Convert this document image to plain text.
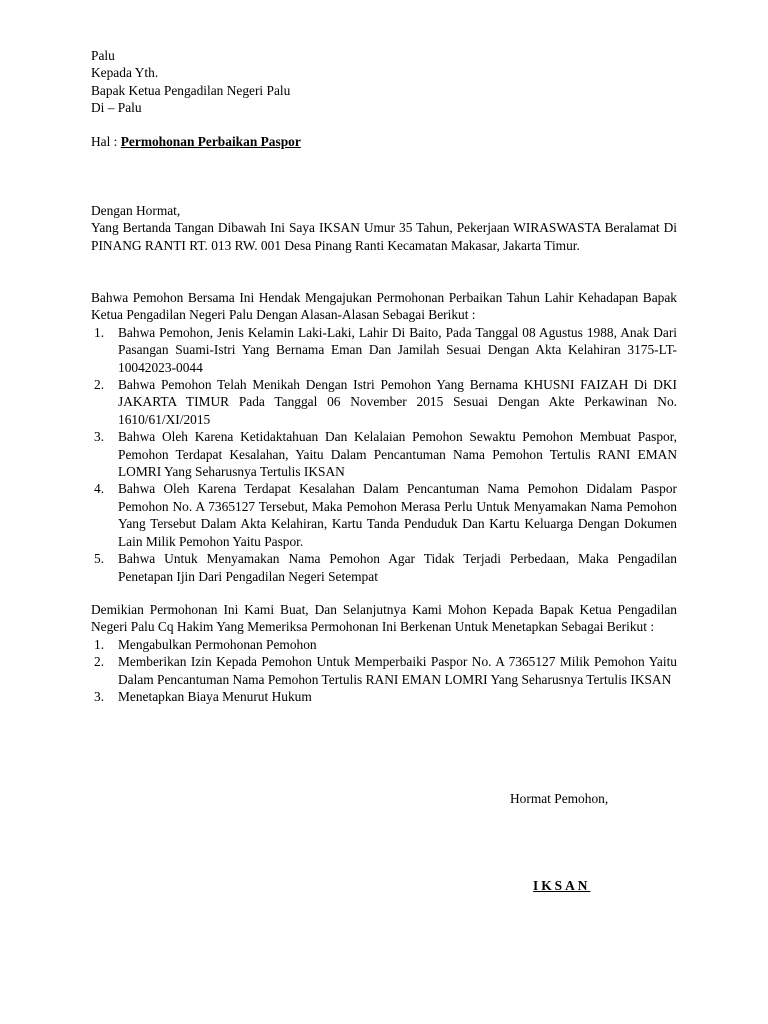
Palu
Kepada Yth.
Bapak Ketua Pengadilan Negeri Palu
Di – Palu
Hal : Permohonan Perbaikan Paspor
Dengan Hormat,
Yang Bertanda Tangan Dibawah Ini Saya IKSAN Umur 35 Tahun, Pekerjaan WIRASWASTA Beralamat Di PINANG RANTI RT. 013 RW. 001 Desa Pinang Ranti Kecamatan Makasar, Jakarta Timur.
Bahwa Pemohon Bersama Ini Hendak Mengajukan Permohonan Perbaikan Tahun Lahir Kehadapan Bapak Ketua Pengadilan Negeri Palu Dengan Alasan-Alasan Sebagai Berikut :
1. Bahwa Pemohon, Jenis Kelamin Laki-Laki, Lahir Di Baito, Pada Tanggal 08 Agustus 1988, Anak Dari Pasangan Suami-Istri Yang Bernama Eman Dan Jamilah Sesuai Dengan Akta Kelahiran 3175-LT-10042023-0044
2. Bahwa Pemohon Telah Menikah Dengan Istri Pemohon Yang Bernama KHUSNI FAIZAH Di DKI JAKARTA TIMUR Pada Tanggal 06 November 2015 Sesuai Dengan Akte Perkawinan No. 1610/61/XI/2015
3. Bahwa Oleh Karena Ketidaktahuan Dan Kelalaian Pemohon Sewaktu Pemohon Membuat Paspor, Pemohon Terdapat Kesalahan, Yaitu Dalam Pencantuman Nama Pemohon Tertulis RANI EMAN LOMRI Yang Seharusnya Tertulis IKSAN
4. Bahwa Oleh Karena Terdapat Kesalahan Dalam Pencantuman Nama Pemohon Didalam Paspor Pemohon No. A 7365127 Tersebut, Maka Pemohon Merasa Perlu Untuk Menyamakan Nama Pemohon Yang Tersebut Dalam Akta Kelahiran, Kartu Tanda Penduduk Dan Kartu Keluarga Dengan Dokumen Lain Milik Pemohon Yaitu Paspor.
5. Bahwa Untuk Menyamakan Nama Pemohon Agar Tidak Terjadi Perbedaan, Maka Pengadilan Penetapan Ijin Dari Pengadilan Negeri Setempat
Demikian Permohonan Ini Kami Buat, Dan Selanjutnya Kami Mohon Kepada Bapak Ketua Pengadilan Negeri Palu Cq Hakim Yang Memeriksa Permohonan Ini Berkenan Untuk Menetapkan Sebagai Berikut :
1. Mengabulkan Permohonan Pemohon
2. Memberikan Izin Kepada Pemohon Untuk Memperbaiki Paspor No. A 7365127 Milik Pemohon Yaitu Dalam Pencantuman Nama Pemohon Tertulis RANI EMAN LOMRI Yang Seharusnya Tertulis IKSAN
3. Menetapkan Biaya Menurut Hukum
Hormat Pemohon,
IKSAN
